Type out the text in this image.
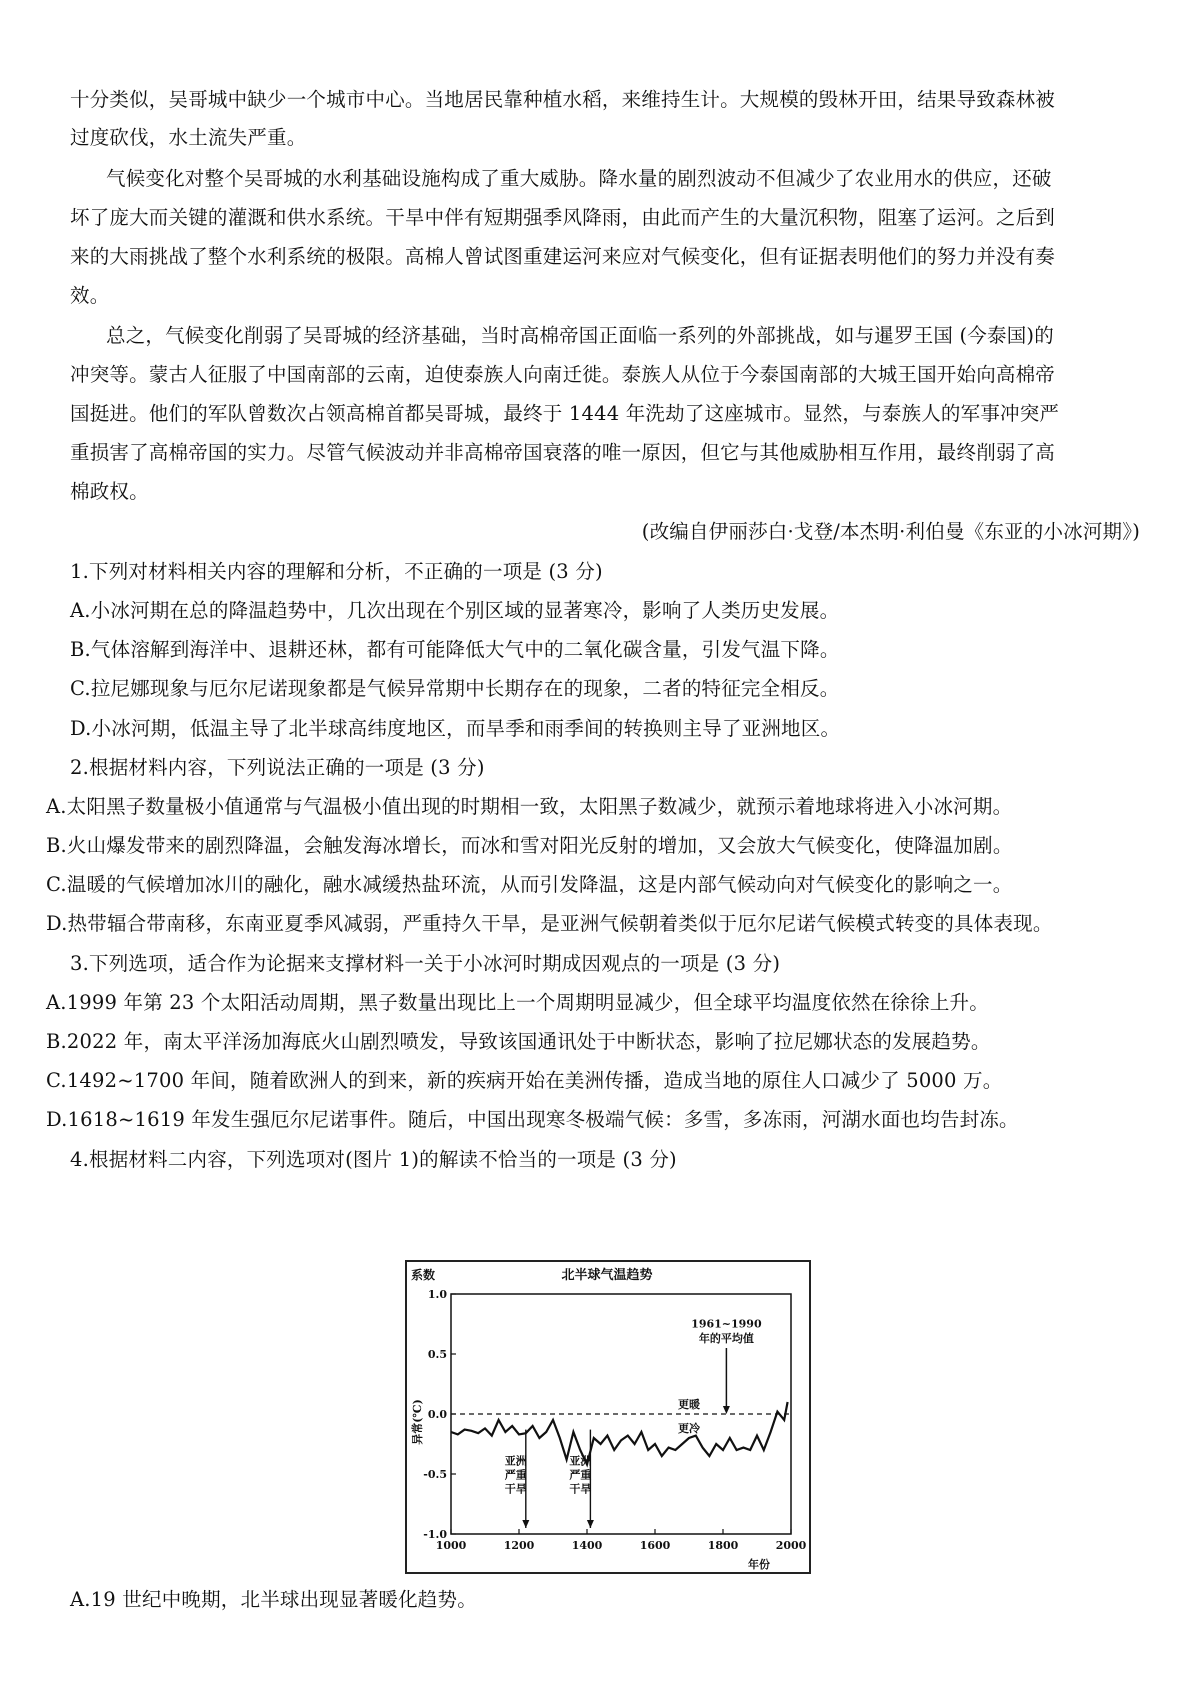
十分类似，吴哥城中缺少一个城市中心。当地居民靠种植水稻，来维持生计。大规模的毁林开田，结果导致森林被
过度砍伐，水土流失严重。
气候变化对整个吴哥城的水利基础设施构成了重大威胁。降水量的剧烈波动不但减少了农业用水的供应，还破
坏了庞大而关键的灌溉和供水系统。干旱中伴有短期强季风降雨，由此而产生的大量沉积物，阻塞了运河。之后到
来的大雨挑战了整个水利系统的极限。高棉人曾试图重建运河来应对气候变化，但有证据表明他们的努力并没有奏
效。
总之，气候变化削弱了吴哥城的经济基础，当时高棉帝国正面临一系列的外部挑战，如与暹罗王国 (今泰国)的
冲突等。蒙古人征服了中国南部的云南，迫使泰族人向南迁徙。泰族人从位于今泰国南部的大城王国开始向高棉帝
国挺进。他们的军队曾数次占领高棉首都吴哥城，最终于 1444 年洗劫了这座城市。显然，与泰族人的军事冲突严
重损害了高棉帝国的实力。尽管气候波动并非高棉帝国衰落的唯一原因，但它与其他威胁相互作用，最终削弱了高
棉政权。
(改编自伊丽莎白·戈登/本杰明·利伯曼《东亚的小冰河期》)
1.下列对材料相关内容的理解和分析，不正确的一项是 (3 分)
A.小冰河期在总的降温趋势中，几次出现在个别区域的显著寒冷，影响了人类历史发展。
B.气体溶解到海洋中、退耕还林，都有可能降低大气中的二氧化碳含量，引发气温下降。
C.拉尼娜现象与厄尔尼诺现象都是气候异常期中长期存在的现象，二者的特征完全相反。
D.小冰河期，低温主导了北半球高纬度地区，而旱季和雨季间的转换则主导了亚洲地区。
2.根据材料内容，下列说法正确的一项是 (3 分)
A.太阳黑子数量极小值通常与气温极小值出现的时期相一致，太阳黑子数减少，就预示着地球将进入小冰河期。
B.火山爆发带来的剧烈降温，会触发海冰增长，而冰和雪对阳光反射的增加，又会放大气候变化，使降温加剧。
C.温暖的气候增加冰川的融化，融水减缓热盐环流，从而引发降温，这是内部气候动向对气候变化的影响之一。
D.热带辐合带南移，东南亚夏季风减弱，严重持久干旱，是亚洲气候朝着类似于厄尔尼诺气候模式转变的具体表现。
3.下列选项，适合作为论据来支撑材料一关于小冰河时期成因观点的一项是 (3 分)
A.1999 年第 23 个太阳活动周期，黑子数量出现比上一个周期明显减少，但全球平均温度依然在徐徐上升。
B.2022 年，南太平洋汤加海底火山剧烈喷发，导致该国通讯处于中断状态，影响了拉尼娜状态的发展趋势。
C.1492~1700 年间，随着欧洲人的到来，新的疾病开始在美洲传播，造成当地的原住人口减少了 5000 万。
D.1618~1619 年发生强厄尔尼诺事件。随后，中国出现寒冬极端气候：多雪，多冻雨，河湖水面也均告封冻。
4.根据材料二内容，下列选项对(图片 1)的解读不恰当的一项是 (3 分)
北半球气温趋势
系数
异常(℃)
1.0
0.5
0.0
-0.5
-1.0
1000	1200	1400	1600	1800	2000
1961~1990
年的平均值
更暖
更冷
亚洲
严重
干旱
亚洲
严重
干旱
年份
A.19 世纪中晚期，北半球出现显著暖化趋势。
